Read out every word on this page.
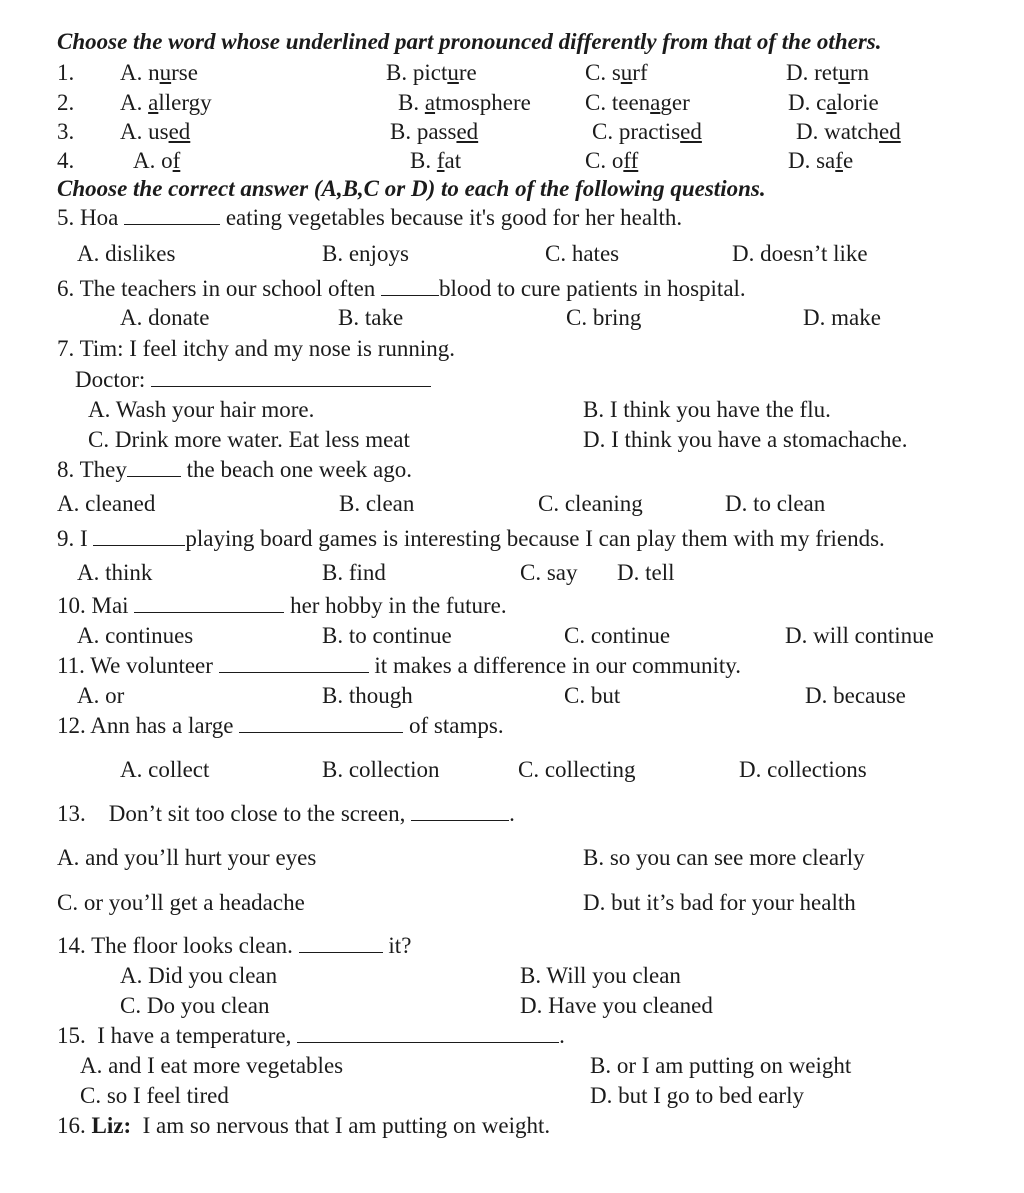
Choose the word whose underlined part pronounced differently from that of the others.
1. A. nurse	B. picture	C. surf	D. return
2. A. allergy	B. atmosphere C. teenager	D. calorie
3. A. used	B. passed	C. practised	D. watched
4.	A. of	B. fat	C. off	D. safe
Choose the correct answer (A,B,C or D) to each of the following questions.
5. Hoa	eating vegetables because it's good for her health.
A. dislikes	B. enjoys	C. hates	D. doesn’t like
6. The teachers in our school often	blood to cure patients in hospital.
A. donate	B. take	C. bring	D. make
7. Tim: I feel itchy and my nose is running.
Doctor:
A. Wash your hair more.	B. I think you have the flu.
C. Drink more water. Eat less meat	D. I think you have a stomachache.
8. They the beach one week ago.
A. cleaned	B. clean	C. cleaning	D. to clean
9. I	playing board games is interesting because I can play them with my friends.
A. think	B. find	C. say D. tell
10. Mai	her hobby in the future.
A. continues	B. to continue	C. continue	D. will continue
11. We volunteer	it makes a difference in our community.
A. or	B. though	C. but	D. because
12. Ann has a large	of stamps.
A. collect	B. collection	C. collecting	D. collections
13.    Don’t sit too close to the screen,	.
A. and you’ll hurt your eyes	B. so you can see more clearly
C. or you’ll get a headache	D. but it’s bad for your health
14. The floor looks clean.	it?
A. Did you clean	B. Will you clean
C. Do you clean	D. Have you cleaned
15.  I have a temperature,	.
A. and I eat more vegetables	B. or I am putting on weight
C. so I feel tired	D. but I go to bed early
16. Liz:  I am so nervous that I am putting on weight.
